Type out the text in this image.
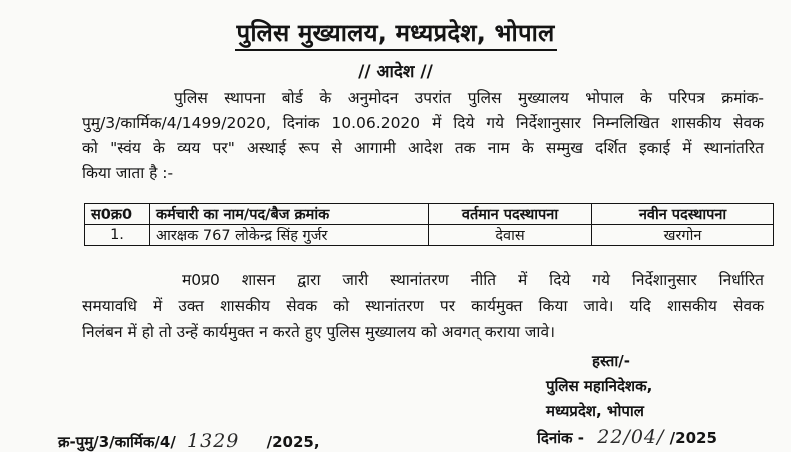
पुलिस मुख्यालय, मध्यप्रदेश, भोपाल
// आदेश //
पुलिस स्थापना बोर्ड के अनुमोदन उपरांत पुलिस मुख्यालय भोपाल के परिपत्र क्रमांक-
पुमु/3/कार्मिक/4/1499/2020, दिनांक 10.06.2020 में दिये गये निर्देशानुसार निम्नलिखित शासकीय सेवक
को "स्वंय के व्यय पर" अस्थाई रूप से आगामी आदेश तक नाम के सम्मुख दर्शित इकाई में स्थानांतरित
किया जाता है :-
स0क्र0	कर्मचारी का नाम/पद/बैज क्रमांक	वर्तमान पदस्थापना	नवीन पदस्थापना
1.	आरक्षक 767 लोकेन्द्र सिंह गुर्जर	देवास	खरगोन
म0प्र0 शासन द्वारा जारी स्थानांतरण नीति में दिये गये निर्देशानुसार निर्धारित
समयावधि में उक्त शासकीय सेवक को स्थानांतरण पर कार्यमुक्त किया जावे। यदि शासकीय सेवक
निलंबन में हो तो उन्हें कार्यमुक्त न करते हुए पुलिस मुख्यालय को अवगत् कराया जावे।
हस्ता/-
पुलिस महानिदेशक,
मध्यप्रदेश, भोपाल
क्र-पुमु/3/कार्मिक/4/ 1329 /2025,	दिनांक - 22/04/ /2025
